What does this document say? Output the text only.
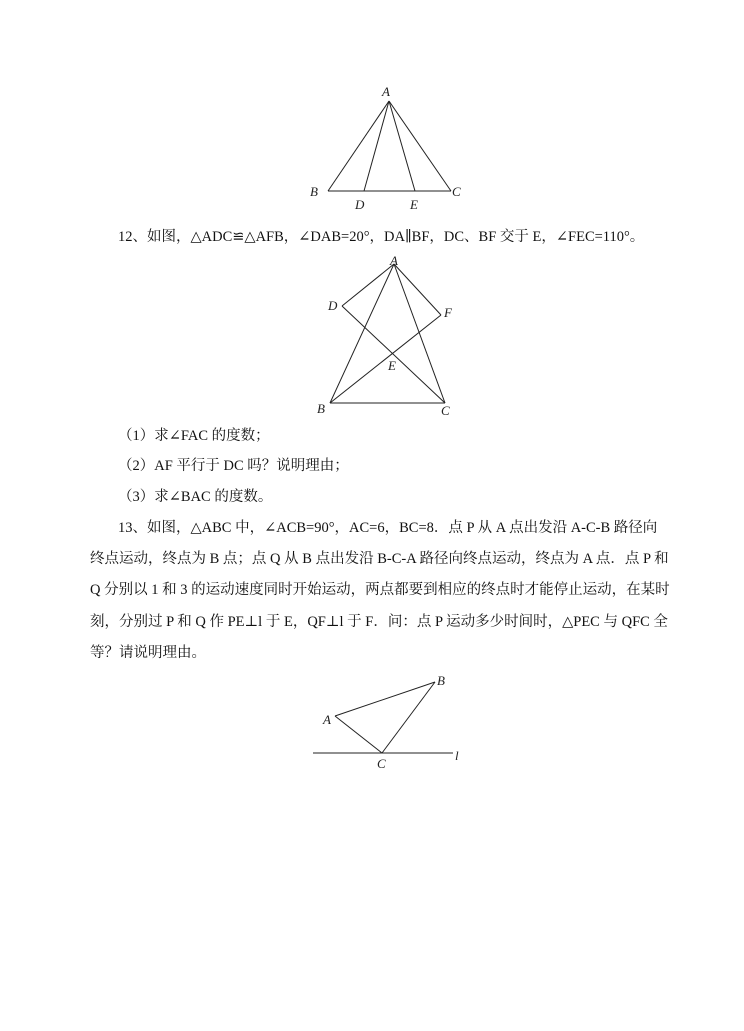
A
B	C
D	E
12、如图，△ADC≌△AFB，∠DAB=20°，DA∥BF，DC、BF 交于 E，∠FEC=110°。
A
D	F
E
B	C
（1）求∠FAC 的度数；
（2）AF 平行于 DC 吗？说明理由；
（3）求∠BAC 的度数。
13、如图，△ABC 中，∠ACB=90°，AC=6，BC=8．点 P 从 A 点出发沿 A-C-B 路径向
终点运动，终点为 B 点；点 Q 从 B 点出发沿 B-C-A 路径向终点运动，终点为 A 点．点 P 和
Q 分别以 1 和 3 的运动速度同时开始运动，两点都要到相应的终点时才能停止运动，在某时
刻，分别过 P 和 Q 作 PE⊥l 于 E，QF⊥l 于 F．问：点 P 运动多少时间时，△PEC 与 QFC 全
等？请说明理由。
A
B
C
l
